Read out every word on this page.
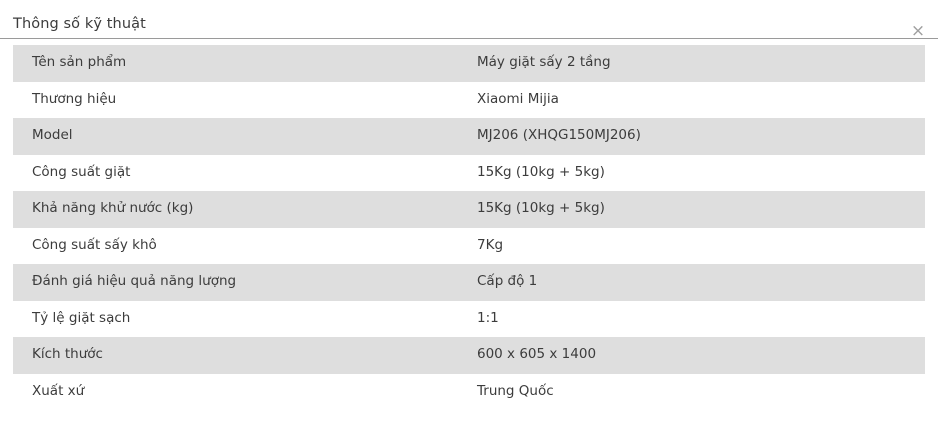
Thông số kỹ thuật	×
Tên sản phẩm	Máy giặt sấy 2 tầng
Thương hiệu	Xiaomi Mijia
Model	MJ206 (XHQG150MJ206)
Công suất giặt	15Kg (10kg + 5kg)
Khả năng khử nước (kg)	15Kg (10kg + 5kg)
Công suất sấy khô	7Kg
Đánh giá hiệu quả năng lượng	Cấp độ 1
Tỷ lệ giặt sạch	1:1
Kích thước	600 x 605 x 1400
Xuất xứ	Trung Quốc
